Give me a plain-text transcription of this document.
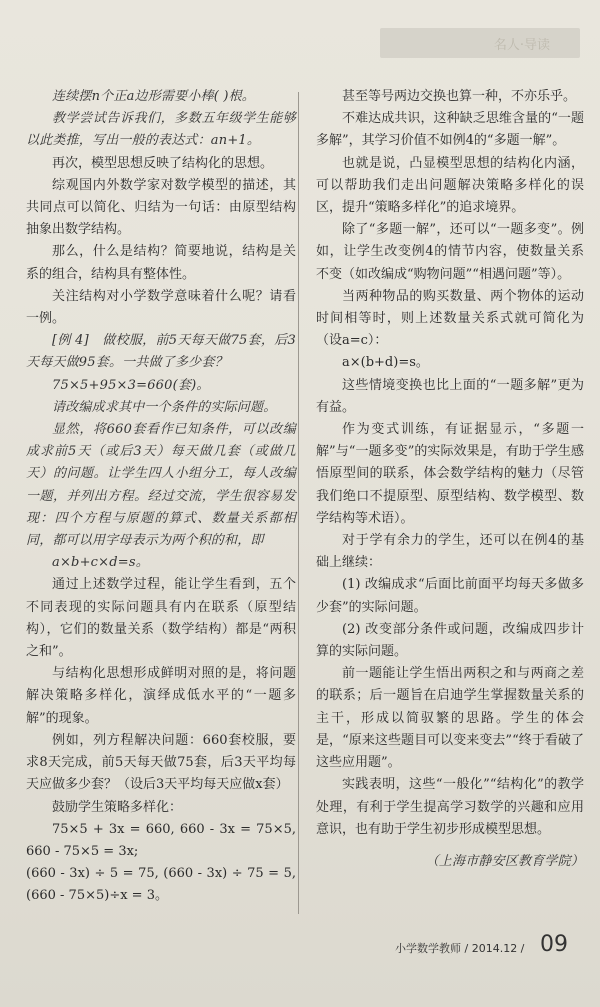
名人·导读

连续摆n个正a边形需要小棒( )根。

教学尝试告诉我们，多数五年级学生能够以此类推，写出一般的表达式：an+1。

再次，模型思想反映了结构化的思想。

综观国内外数学家对数学模型的描述，其共同点可以简化、归结为一句话：由原型结构抽象出数学结构。

那么，什么是结构？简要地说，结构是关系的组合，结构具有整体性。

关注结构对小学数学意味着什么呢？请看一例。

[例 4]　做校服，前5天每天做75套，后3天每天做95套。一共做了多少套？

75×5+95×3=660(套)。

请改编成求其中一个条件的实际问题。

显然，将660套看作已知条件，可以改编成求前5天（或后3天）每天做几套（或做几天）的问题。让学生四人小组分工，每人改编一题，并列出方程。经过交流，学生很容易发现：四个方程与原题的算式、数量关系都相同，都可以用字母表示为两个积的和，即

a×b+c×d=s。

通过上述数学过程，能让学生看到，五个不同表现的实际问题具有内在联系（原型结构），它们的数量关系（数学结构）都是“两积之和”。

与结构化思想形成鲜明对照的是，将问题解决策略多样化，演绎成低水平的“一题多解”的现象。

例如，列方程解决问题：660套校服，要求8天完成，前5天每天做75套，后3天平均每天应做多少套？（设后3天平均每天应做x套）

鼓励学生策略多样化：

75×5 + 3x = 660, 660 - 3x = 75×5, 660 - 75×5 = 3x;

(660 - 3x) ÷ 5 = 75, (660 - 3x) ÷ 75 = 5, (660 - 75×5)÷x = 3。

甚至等号两边交换也算一种，不亦乐乎。

不难达成共识，这种缺乏思维含量的“一题多解”，其学习价值不如例4的“多题一解”。

也就是说，凸显模型思想的结构化内涵，可以帮助我们走出问题解决策略多样化的误区，提升“策略多样化”的追求境界。

除了“多题一解”，还可以“一题多变”。例如，让学生改变例4的情节内容，使数量关系不变（如改编成“购物问题”“相遇问题”等）。

当两种物品的购买数量、两个物体的运动时间相等时，则上述数量关系式就可简化为（设a=c）：

a×(b+d)=s。

这些情境变换也比上面的“一题多解”更为有益。

作为变式训练，有证据显示，“多题一解”与“一题多变”的实际效果是，有助于学生感悟原型间的联系，体会数学结构的魅力（尽管我们绝口不提原型、原型结构、数学模型、数学结构等术语）。

对于学有余力的学生，还可以在例4的基础上继续：

(1) 改编成求“后面比前面平均每天多做多少套”的实际问题。

(2) 改变部分条件或问题，改编成四步计算的实际问题。

前一题能让学生悟出两积之和与两商之差的联系；后一题旨在启迪学生掌握数量关系的主干，形成以简驭繁的思路。学生的体会是，“原来这些题目可以变来变去”“终于看破了这些应用题”。

实践表明，这些“一般化”“结构化”的教学处理，有利于学生提高学习数学的兴趣和应用意识，也有助于学生初步形成模型思想。

（上海市静安区教育学院）

小学数学教师 / 2014.12 / 09
